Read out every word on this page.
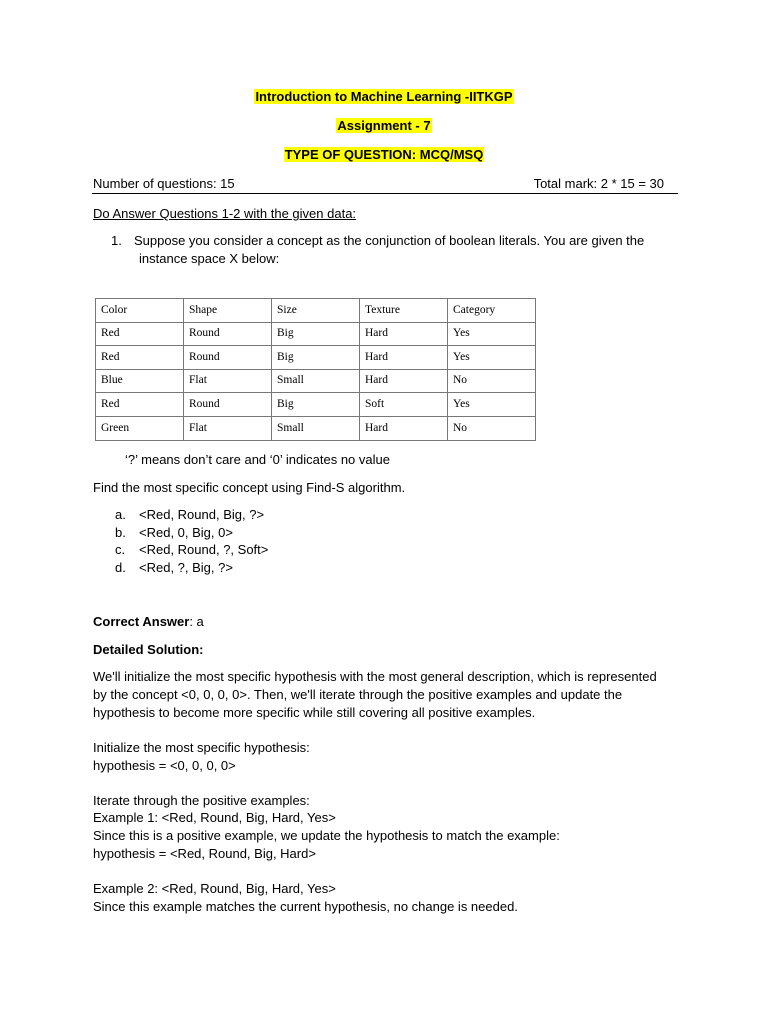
Introduction to Machine Learning -IITKGP
Assignment - 7
TYPE OF QUESTION: MCQ/MSQ
Number of questions: 15	Total mark: 2 * 15 = 30
Do Answer Questions 1-2 with the given data:
1. Suppose you consider a concept as the conjunction of boolean literals. You are given the
instance space X below:
Color	Shape	Size	Texture	Category
Red	Round	Big	Hard	Yes
Red	Round	Big	Hard	Yes
Blue	Flat	Small	Hard	No
Red	Round	Big	Soft	Yes
Green	Flat	Small	Hard	No
‘?’ means don’t care and ‘0’ indicates no value
Find the most specific concept using Find-S algorithm.
a. <Red, Round, Big, ?>
b. <Red, 0, Big, 0>
c. <Red, Round, ?, Soft>
d. <Red, ?, Big, ?>
Correct Answer: a
Detailed Solution:
We'll initialize the most specific hypothesis with the most general description, which is represented
by the concept <0, 0, 0, 0>. Then, we'll iterate through the positive examples and update the
hypothesis to become more specific while still covering all positive examples.
Initialize the most specific hypothesis:
hypothesis = <0, 0, 0, 0>
Iterate through the positive examples:
Example 1: <Red, Round, Big, Hard, Yes>
Since this is a positive example, we update the hypothesis to match the example:
hypothesis = <Red, Round, Big, Hard>
Example 2: <Red, Round, Big, Hard, Yes>
Since this example matches the current hypothesis, no change is needed.
